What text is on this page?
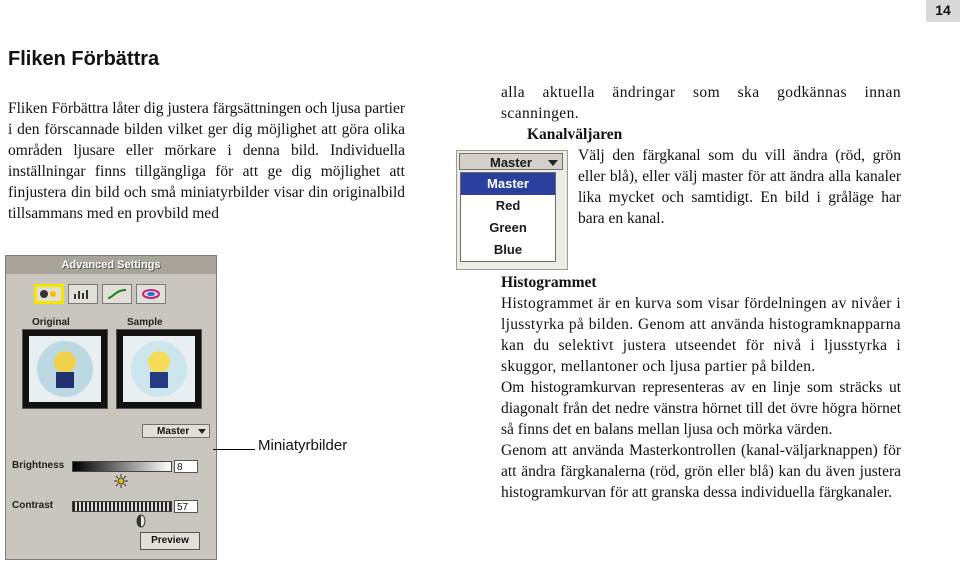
14
Fliken Förbättra

Fliken Förbättra låter dig justera färgsättningen och ljusa partier i den förscannade bilden vilket ger dig möjlighet att göra olika områden ljusare eller mörkare i denna bild. Individuella inställningar finns tillgängliga för att ge dig möjlighet att finjustera din bild och små miniatyrbilder visar din originalbild tillsammans med en provbild med

alla aktuella ändringar som ska godkännas innan scanningen.

Kanalväljaren

Välj den färgkanal som du vill ändra (röd, grön eller blå), eller välj master för att ändra alla kanaler lika mycket och samtidigt. En bild i gråläge har bara en kanal.

Master
Master
Red
Green
Blue

Histogrammet

Histogrammet är en kurva som visar fördelningen av nivåer i ljusstyrka på bilden. Genom att använda histogramknapparna kan du selektivt justera utseendet för nivå i ljusstyrka i skuggor, mellantoner och ljusa partier på bilden.

Om histogramkurvan representeras av en linje som sträcks ut diagonalt från det nedre vänstra hörnet till det övre högra hörnet så finns det en balans mellan ljusa och mörka värden.

Genom att använda Masterkontrollen (kanal-väljarknappen) för att ändra färgkanalerna (röd, grön eller blå) kan du även justera histogramkurvan för att granska dessa individuella färgkanaler.

Advanced Settings
Original	Sample
Master
Brightness	8
Contrast	57
Preview
Miniatyrbilder
